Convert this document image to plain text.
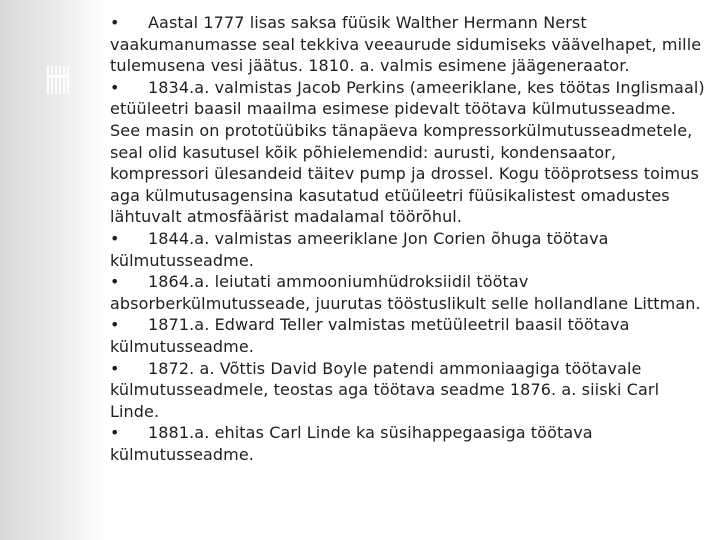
• Aastal 1777 lisas saksa füüsik Walther Hermann Nerst vaakumanumasse seal tekkiva veeaurude sidumiseks väävelhapet, mille tulemusena vesi jäätus. 1810. a. valmis esimene jäägeneraator.

• 1834.a. valmistas Jacob Perkins (ameeriklane, kes töötas Inglismaal) etüüleetri baasil maailma esimese pidevalt töötava külmutusseadme. See masin on prototüübiks tänapäeva kompressorkülmutusseadmetele, seal olid kasutusel kõik põhielemendid: aurusti, kondensaator, kompressori ülesandeid täitev pump ja drossel. Kogu tööprotsess toimus aga külmutusagensina kasutatud etüüleetri füüsikalistest omadustes lähtuvalt atmosfäärist madalamal töörõhul.

• 1844.a. valmistas ameeriklane Jon Corien õhuga töötava külmutusseadme.

• 1864.a. leiutati ammooniumhüdroksiidil töötav absorberkülmutusseade, juurutas tööstuslikult selle hollandlane Littman.

• 1871.a. Edward Teller valmistas metüüleetril baasil töötava külmutusseadme.

• 1872. a. Võttis David Boyle patendi ammoniaagiga töötavale külmutusseadmele, teostas aga töötava seadme 1876. a. siiski Carl Linde.

• 1881.a. ehitas Carl Linde ka süsihappegaasiga töötava külmutusseadme.
